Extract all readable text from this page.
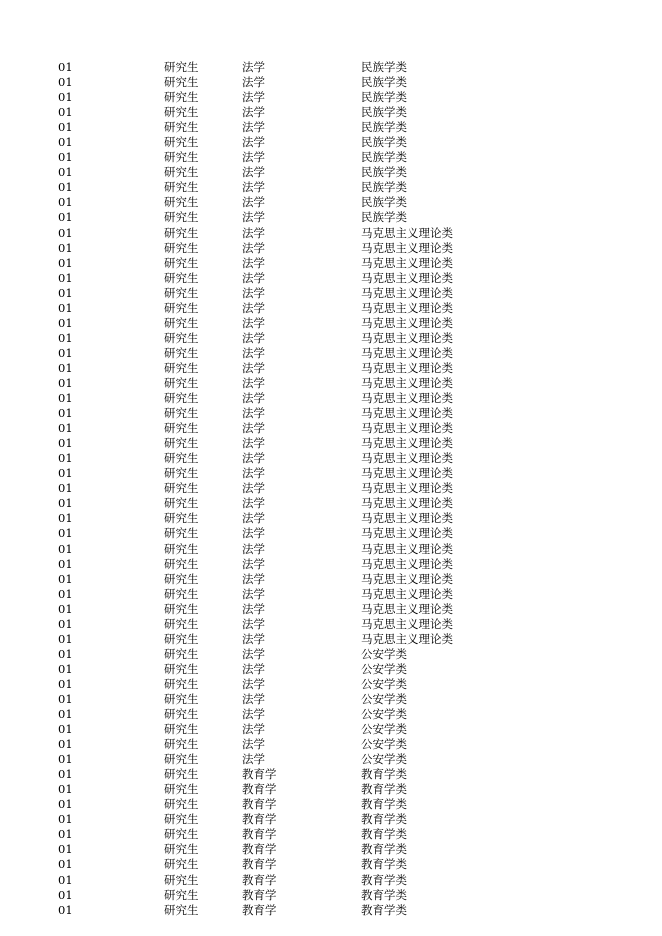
01	研究生	法学	民族学类
01	研究生	法学	民族学类
01	研究生	法学	民族学类
01	研究生	法学	民族学类
01	研究生	法学	民族学类
01	研究生	法学	民族学类
01	研究生	法学	民族学类
01	研究生	法学	民族学类
01	研究生	法学	民族学类
01	研究生	法学	民族学类
01	研究生	法学	民族学类
01	研究生	法学	马克思主义理论类
01	研究生	法学	马克思主义理论类
01	研究生	法学	马克思主义理论类
01	研究生	法学	马克思主义理论类
01	研究生	法学	马克思主义理论类
01	研究生	法学	马克思主义理论类
01	研究生	法学	马克思主义理论类
01	研究生	法学	马克思主义理论类
01	研究生	法学	马克思主义理论类
01	研究生	法学	马克思主义理论类
01	研究生	法学	马克思主义理论类
01	研究生	法学	马克思主义理论类
01	研究生	法学	马克思主义理论类
01	研究生	法学	马克思主义理论类
01	研究生	法学	马克思主义理论类
01	研究生	法学	马克思主义理论类
01	研究生	法学	马克思主义理论类
01	研究生	法学	马克思主义理论类
01	研究生	法学	马克思主义理论类
01	研究生	法学	马克思主义理论类
01	研究生	法学	马克思主义理论类
01	研究生	法学	马克思主义理论类
01	研究生	法学	马克思主义理论类
01	研究生	法学	马克思主义理论类
01	研究生	法学	马克思主义理论类
01	研究生	法学	马克思主义理论类
01	研究生	法学	马克思主义理论类
01	研究生	法学	马克思主义理论类
01	研究生	法学	公安学类
01	研究生	法学	公安学类
01	研究生	法学	公安学类
01	研究生	法学	公安学类
01	研究生	法学	公安学类
01	研究生	法学	公安学类
01	研究生	法学	公安学类
01	研究生	法学	公安学类
01	研究生	教育学	教育学类
01	研究生	教育学	教育学类
01	研究生	教育学	教育学类
01	研究生	教育学	教育学类
01	研究生	教育学	教育学类
01	研究生	教育学	教育学类
01	研究生	教育学	教育学类
01	研究生	教育学	教育学类
01	研究生	教育学	教育学类
01	研究生	教育学	教育学类
